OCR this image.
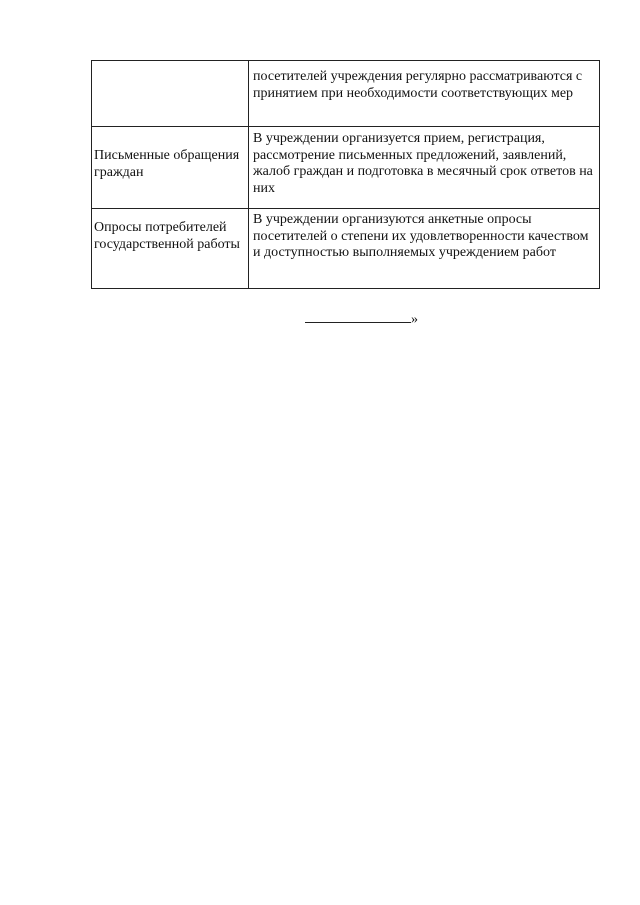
	посетителей учреждения регулярно рассматриваются с принятием при необходимости соответствующих мер

Письменные обращения граждан	В учреждении организуется прием, регистрация, рассмотрение письменных предложений, заявлений, жалоб граждан и подготовка в месячный срок ответов на них

Опросы потребителей государственной работы	В учреждении организуются анкетные опросы посетителей о степени их удовлетворенности качеством и доступностью выполняемых учреждением работ
»
